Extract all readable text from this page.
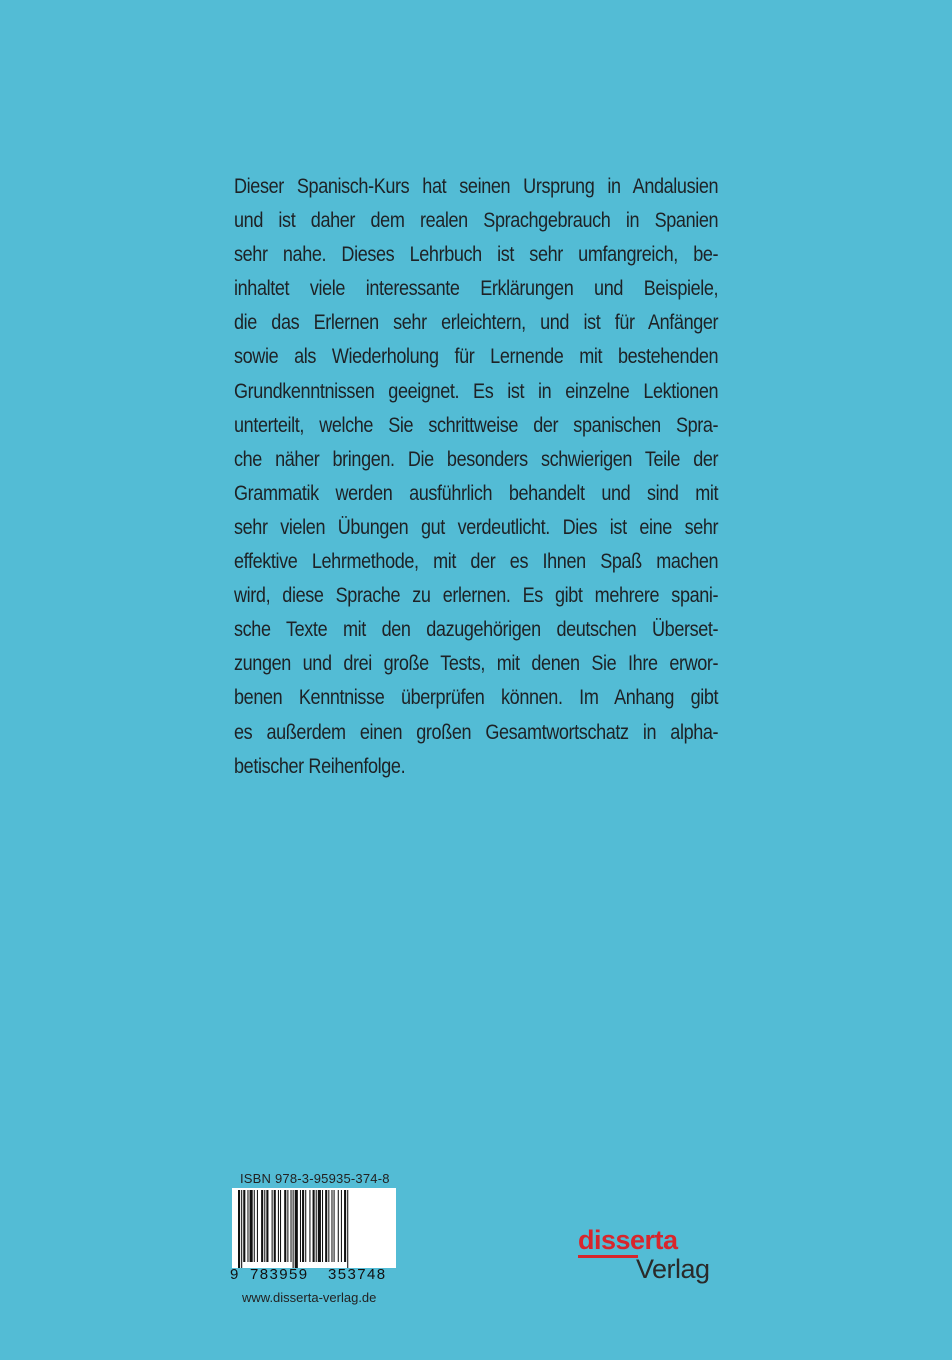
Dieser Spanisch-Kurs hat seinen Ursprung in Andalusien
und ist daher dem realen Sprachgebrauch in Spanien
sehr nahe. Dieses Lehrbuch ist sehr umfangreich, be-
inhaltet viele interessante Erklärungen und Beispiele,
die das Erlernen sehr erleichtern, und ist für Anfänger
sowie als Wiederholung für Lernende mit bestehenden
Grundkenntnissen geeignet. Es ist in einzelne Lektionen
unterteilt, welche Sie schrittweise der spanischen Spra-
che näher bringen. Die besonders schwierigen Teile der
Grammatik werden ausführlich behandelt und sind mit
sehr vielen Übungen gut verdeutlicht. Dies ist eine sehr
effektive Lehrmethode, mit der es Ihnen Spaß machen
wird, diese Sprache zu erlernen. Es gibt mehrere spani-
sche Texte mit den dazugehörigen deutschen Überset-
zungen und drei große Tests, mit denen Sie Ihre erwor-
benen Kenntnisse überprüfen können. Im Anhang gibt
es außerdem einen großen Gesamtwortschatz in alpha-
betischer Reihenfolge.
ISBN 978-3-95935-374-8
9 783959	353748
www.disserta-verlag.de
disserta
Verlag
